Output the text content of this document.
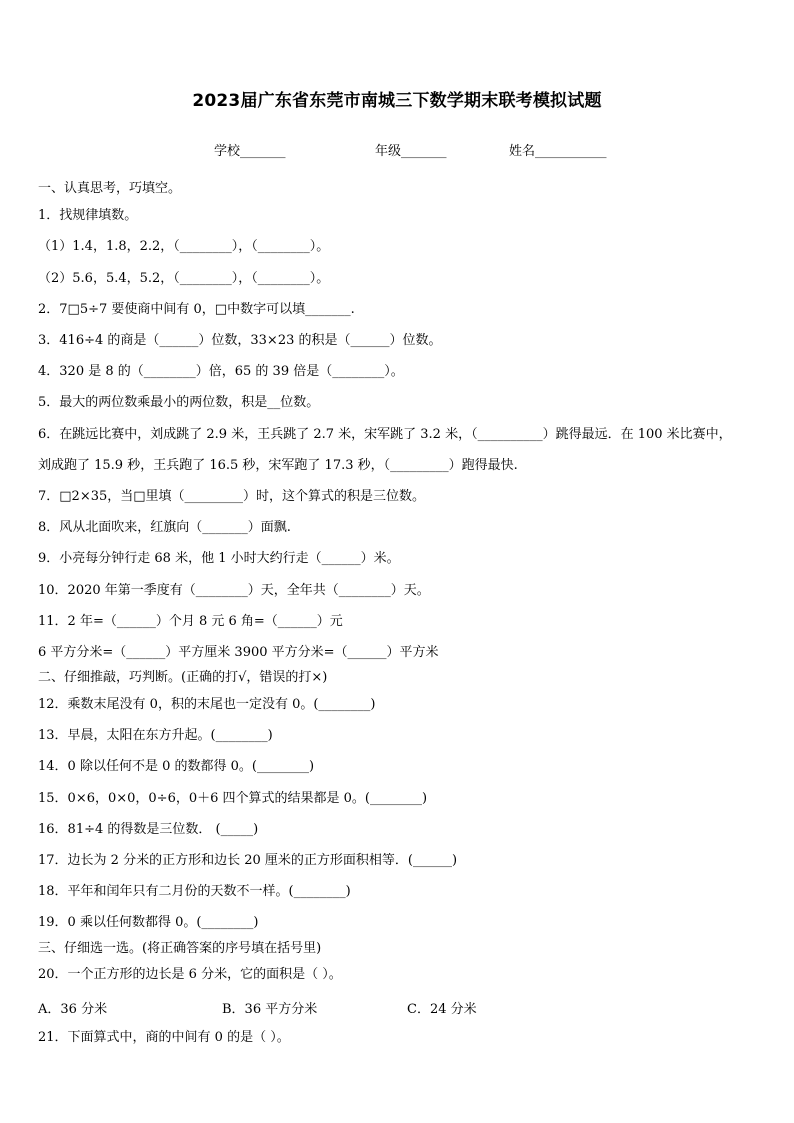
2023届广东省东莞市南城三下数学期末联考模拟试题
学校_______	年级_______	姓名___________
一、认真思考，巧填空。
1．找规律填数。
（1）1.4，1.8，2.2，（________），（________）。
（2）5.6，5.4，5.2，（________），（________）。
2．7□5÷7 要使商中间有 0，□中数字可以填_______.
3．416÷4 的商是（______）位数，33×23 的积是（______）位数。
4．320 是 8 的（________）倍，65 的 39 倍是（________）。
5．最大的两位数乘最小的两位数，积是__位数。
6．在跳远比赛中，刘成跳了 2.9 米，王兵跳了 2.7 米，宋军跳了 3.2 米，（__________）跳得最远．在 100 米比赛中，
刘成跑了 15.9 秒，王兵跑了 16.5 秒，宋军跑了 17.3 秒，（_________）跑得最快.
7．□2×35，当□里填（_________）时，这个算式的积是三位数。
8．风从北面吹来，红旗向（_______）面飘.
9．小亮每分钟行走 68 米，他 1 小时大约行走（______）米。
10．2020 年第一季度有（________）天，全年共（________）天。
11．2 年=（______）个月 8 元 6 角=（______）元
6 平方分米=（______）平方厘米 3900 平方分米=（______）平方米
二、仔细推敲，巧判断。(正确的打√，错误的打×)
12．乘数末尾没有 0，积的末尾也一定没有 0。(________)
13．早晨，太阳在东方升起。(________)
14．0 除以任何不是 0 的数都得 0。(________)
15．0×6，0×0，0÷6，0＋6 四个算式的结果都是 0。(________)
16．81÷4 的得数是三位数． (_____)
17．边长为 2 分米的正方形和边长 20 厘米的正方形面积相等．(______)
18．平年和闰年只有二月份的天数不一样。(________)
19．0 乘以任何数都得 0。(________)
三、仔细选一选。(将正确答案的序号填在括号里)
20．一个正方形的边长是 6 分米，它的面积是（ ）。
A．36 分米	B．36 平方分米	C．24 分米
21．下面算式中，商的中间有 0 的是（ ）。
